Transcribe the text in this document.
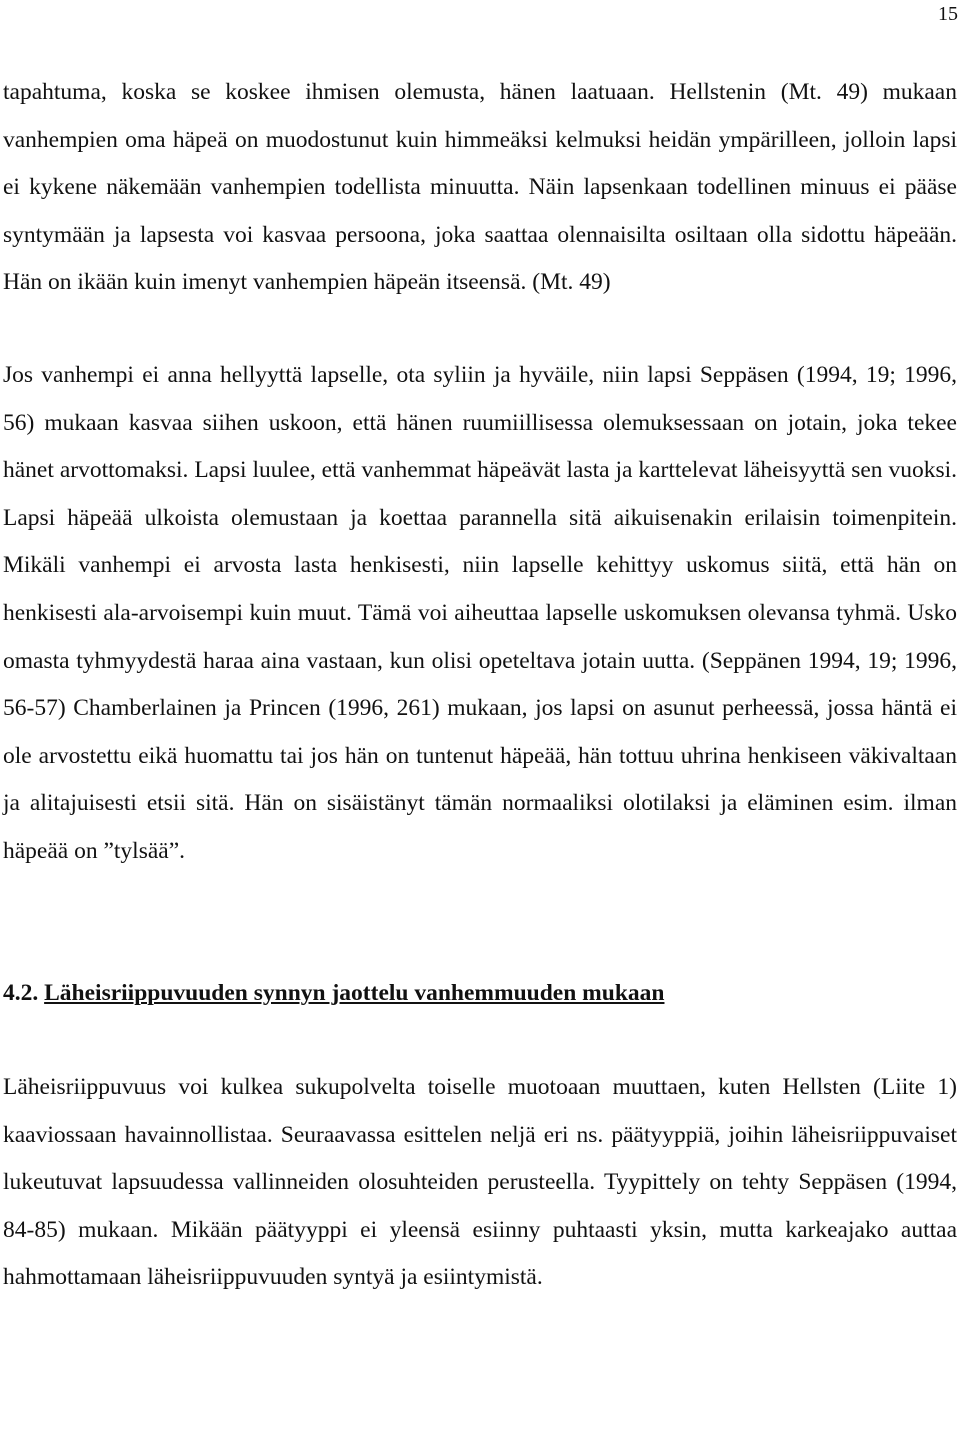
15

tapahtuma, koska se koskee ihmisen olemusta, hänen laatuaan. Hellstenin (Mt. 49) mukaan vanhempien oma häpeä on muodostunut kuin himmeäksi kelmuksi heidän ympärilleen, jolloin lapsi ei kykene näkemään vanhempien todellista minuutta. Näin lapsenkaan todellinen minuus ei pääse syntymään ja lapsesta voi kasvaa persoona, joka saattaa olennaisilta osiltaan olla sidottu häpeään. Hän on ikään kuin imenyt vanhempien häpeän itseensä. (Mt. 49)

Jos vanhempi ei anna hellyyttä lapselle, ota syliin ja hyväile, niin lapsi Seppäsen (1994, 19; 1996, 56) mukaan kasvaa siihen uskoon, että hänen ruumiillisessa olemuksessaan on jotain, joka tekee hänet arvottomaksi. Lapsi luulee, että vanhemmat häpeävät lasta ja karttelevat läheisyyttä sen vuoksi. Lapsi häpeää ulkoista olemustaan ja koettaa parannella sitä aikuisenakin erilaisin toimenpitein. Mikäli vanhempi ei arvosta lasta henkisesti, niin lapselle kehittyy uskomus siitä, että hän on henkisesti ala-arvoisempi kuin muut. Tämä voi aiheuttaa lapselle uskomuksen olevansa tyhmä. Usko omasta tyhmyydestä haraa aina vastaan, kun olisi opeteltava jotain uutta. (Seppänen 1994, 19; 1996, 56-57) Chamberlainen ja Princen (1996, 261) mukaan, jos lapsi on asunut perheessä, jossa häntä ei ole arvostettu eikä huomattu tai jos hän on tuntenut häpeää, hän tottuu uhrina henkiseen väkivaltaan ja alitajuisesti etsii sitä. Hän on sisäistänyt tämän normaaliksi olotilaksi ja eläminen esim. ilman häpeää on ”tylsää”.

4.2. Läheisriippuvuuden synnyn jaottelu vanhemmuuden mukaan

Läheisriippuvuus voi kulkea sukupolvelta toiselle muotoaan muuttaen, kuten Hellsten (Liite 1) kaaviossaan havainnollistaa. Seuraavassa esittelen neljä eri ns. päätyyppiä, joihin läheisriippuvaiset lukeutuvat lapsuudessa vallinneiden olosuhteiden perusteella. Tyypittely on tehty Seppäsen (1994, 84-85) mukaan. Mikään päätyyppi ei yleensä esiinny puhtaasti yksin, mutta karkeajako auttaa hahmottamaan läheisriippuvuuden syntyä ja esiintymistä.
